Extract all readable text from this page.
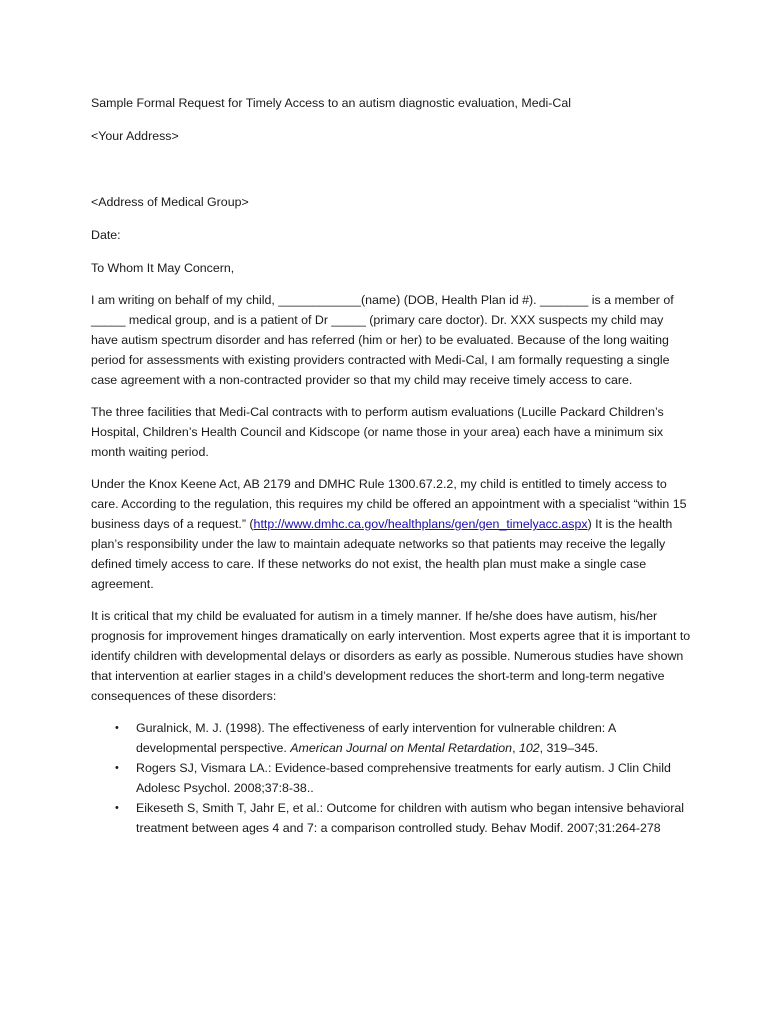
Sample Formal Request for Timely Access to an autism diagnostic evaluation, Medi-Cal
<Your Address>
<Address of Medical Group>
Date:
To Whom It May Concern,

I am writing on behalf of my child, ____________(name) (DOB, Health Plan id #). _______ is a member of _____ medical group, and is a patient of Dr _____ (primary care doctor). Dr. XXX suspects my child may have autism spectrum disorder and has referred (him or her) to be evaluated. Because of the long waiting period for assessments with existing providers contracted with Medi-Cal, I am formally requesting a single case agreement with a non-contracted provider so that my child may receive timely access to care.

The three facilities that Medi-Cal contracts with to perform autism evaluations (Lucille Packard Children’s Hospital, Children’s Health Council and Kidscope (or name those in your area) each have a minimum six month waiting period.

Under the Knox Keene Act, AB 2179 and DMHC Rule 1300.67.2.2, my child is entitled to timely access to care. According to the regulation, this requires my child be offered an appointment with a specialist “within 15 business days of a request.” (http://www.dmhc.ca.gov/healthplans/gen/gen_timelyacc.aspx) It is the health plan’s responsibility under the law to maintain adequate networks so that patients may receive the legally defined timely access to care. If these networks do not exist, the health plan must make a single case agreement.

It is critical that my child be evaluated for autism in a timely manner. If he/she does have autism, his/her prognosis for improvement hinges dramatically on early intervention. Most experts agree that it is important to identify children with developmental delays or disorders as early as possible. Numerous studies have shown that intervention at earlier stages in a child’s development reduces the short-term and long-term negative consequences of these disorders:

• Guralnick, M. J. (1998). The effectiveness of early intervention for vulnerable children: A developmental perspective. American Journal on Mental Retardation, 102, 319–345.
• Rogers SJ, Vismara LA.: Evidence-based comprehensive treatments for early autism. J Clin Child Adolesc Psychol. 2008;37:8-38..
• Eikeseth S, Smith T, Jahr E, et al.: Outcome for children with autism who began intensive behavioral treatment between ages 4 and 7: a comparison controlled study. Behav Modif. 2007;31:264-278
